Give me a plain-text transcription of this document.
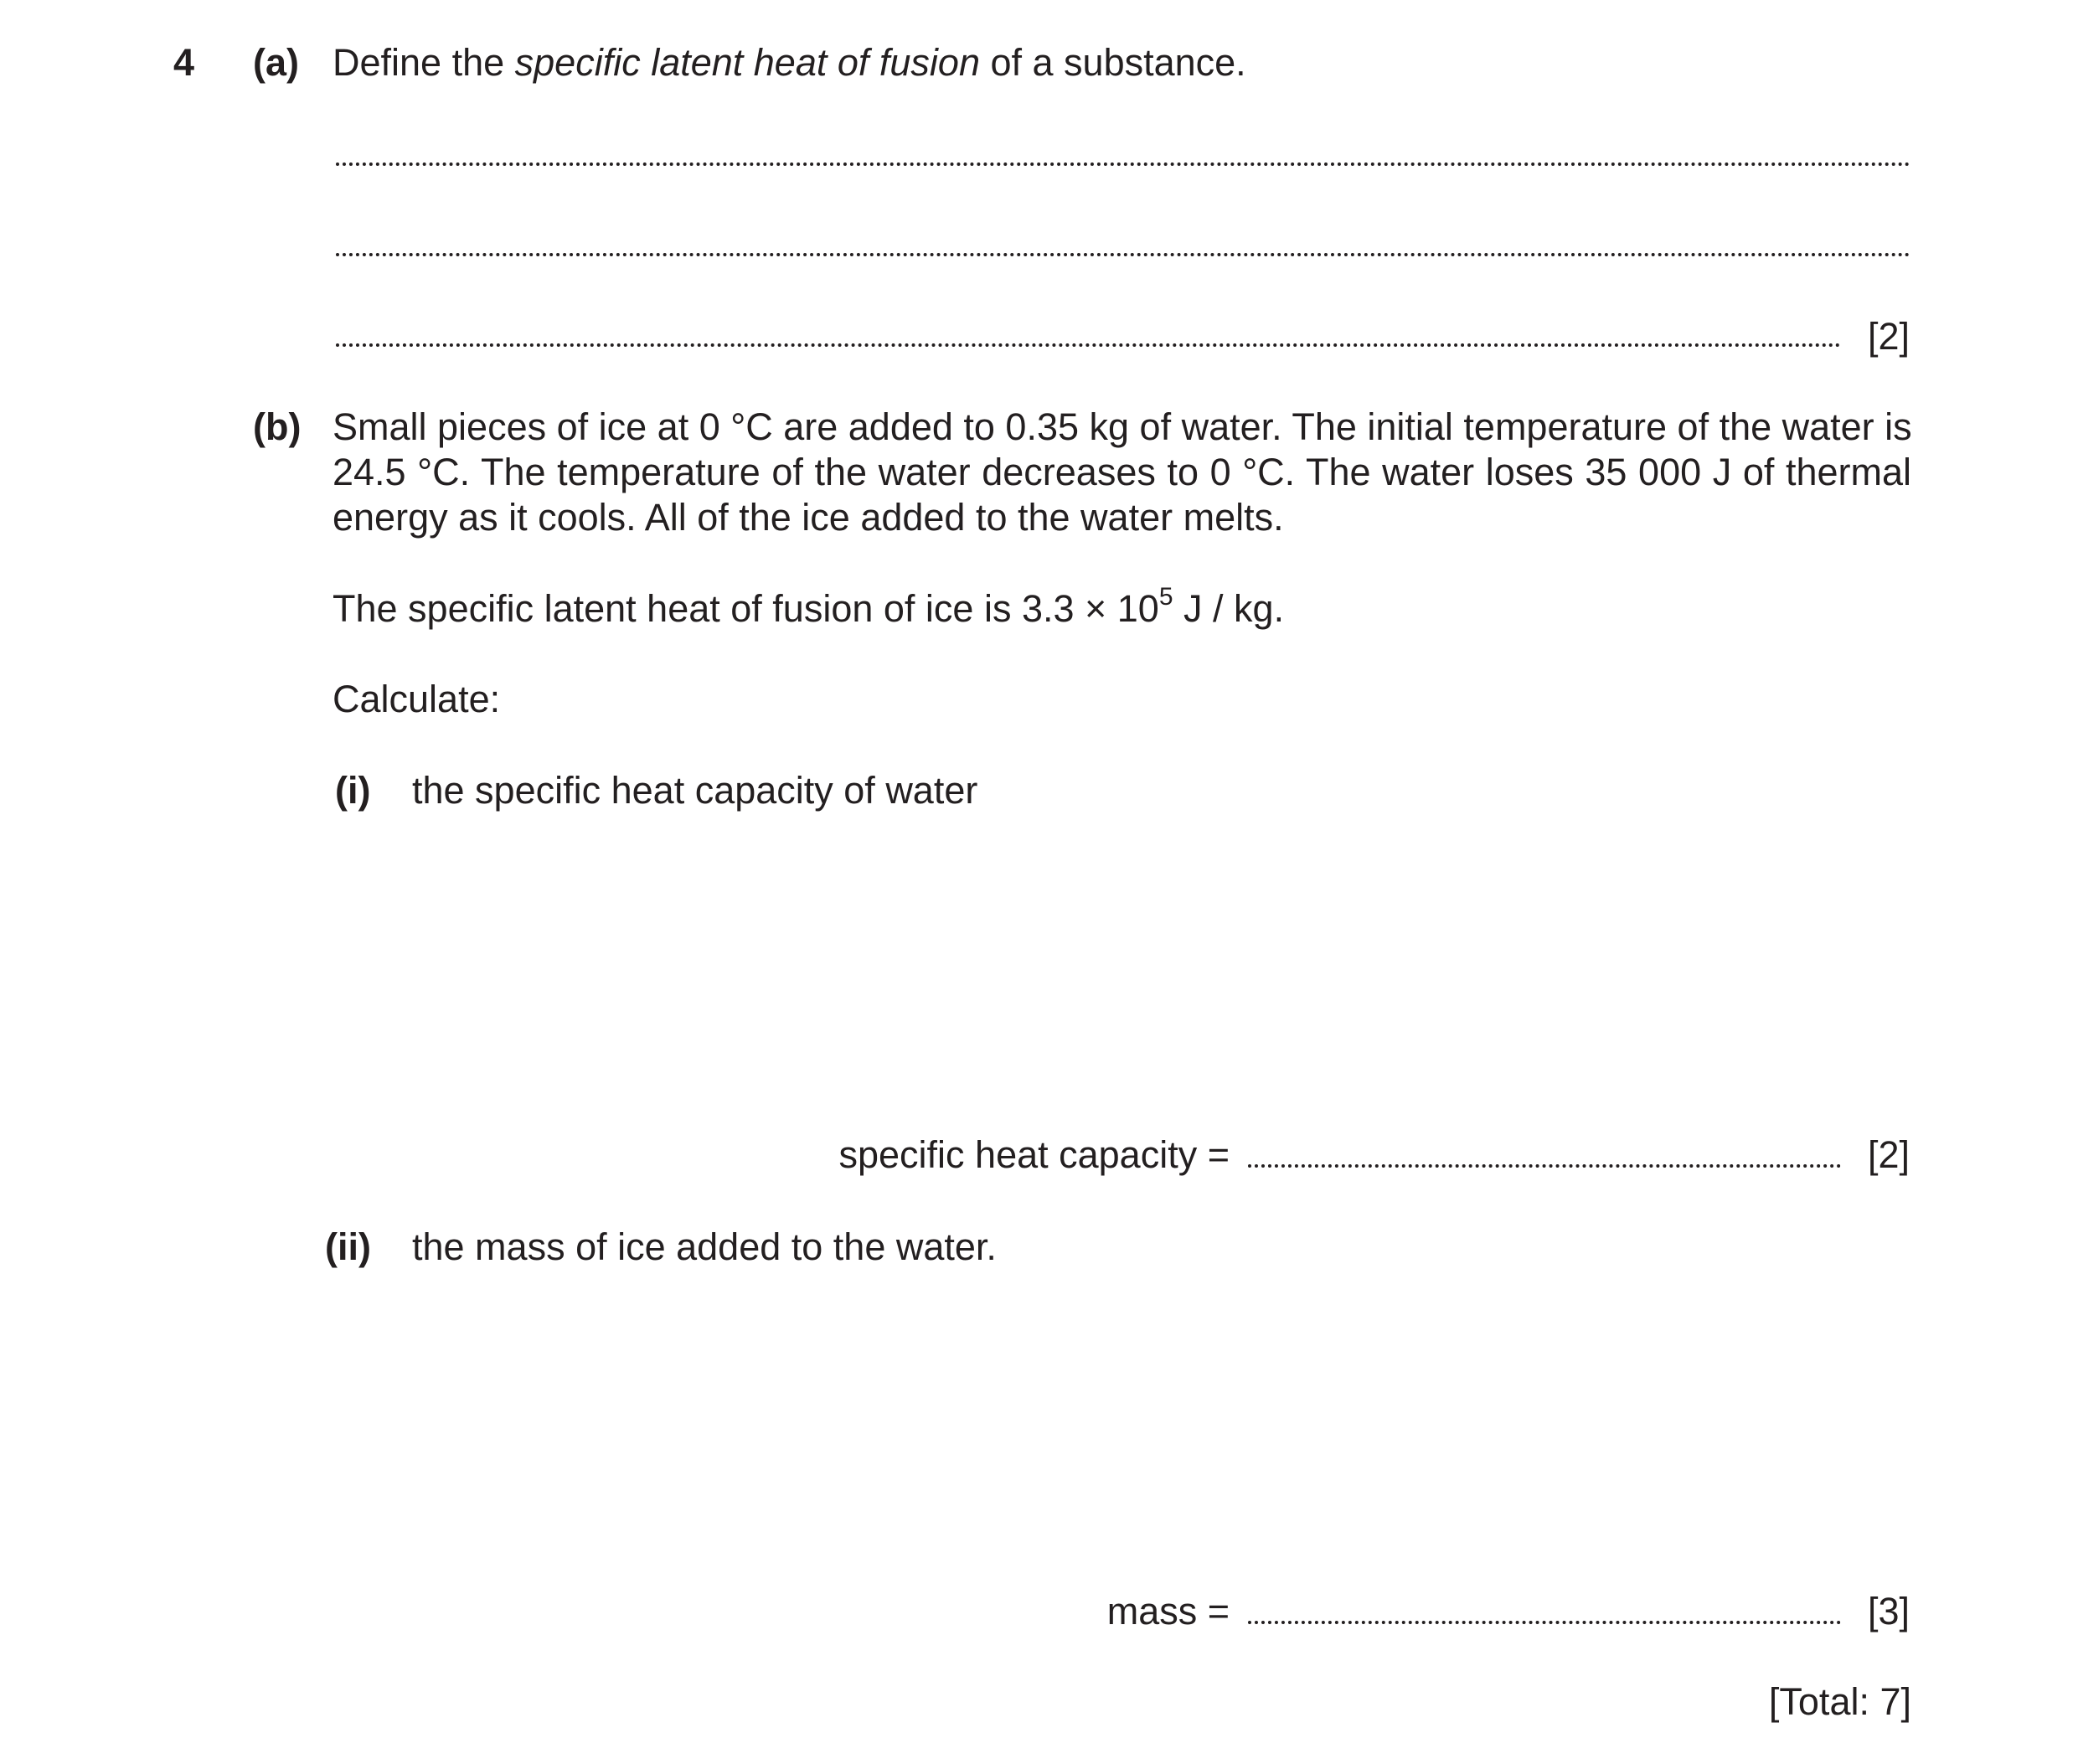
4 (a) Define the specific latent heat of fusion of a substance.
[2]
(b) Small pieces of ice at 0 °C are added to 0.35 kg of water. The initial temperature of the water is
24.5 °C. The temperature of the water decreases to 0 °C. The water loses 35 000 J of thermal
energy as it cools. All of the ice added to the water melts.
The specific latent heat of fusion of ice is $3.3 \times 10^5$ J / kg.
Calculate:
(i) the specific heat capacity of water
specific heat capacity =	[2]
(ii) the mass of ice added to the water.
mass =	[3]
[Total: 7]
